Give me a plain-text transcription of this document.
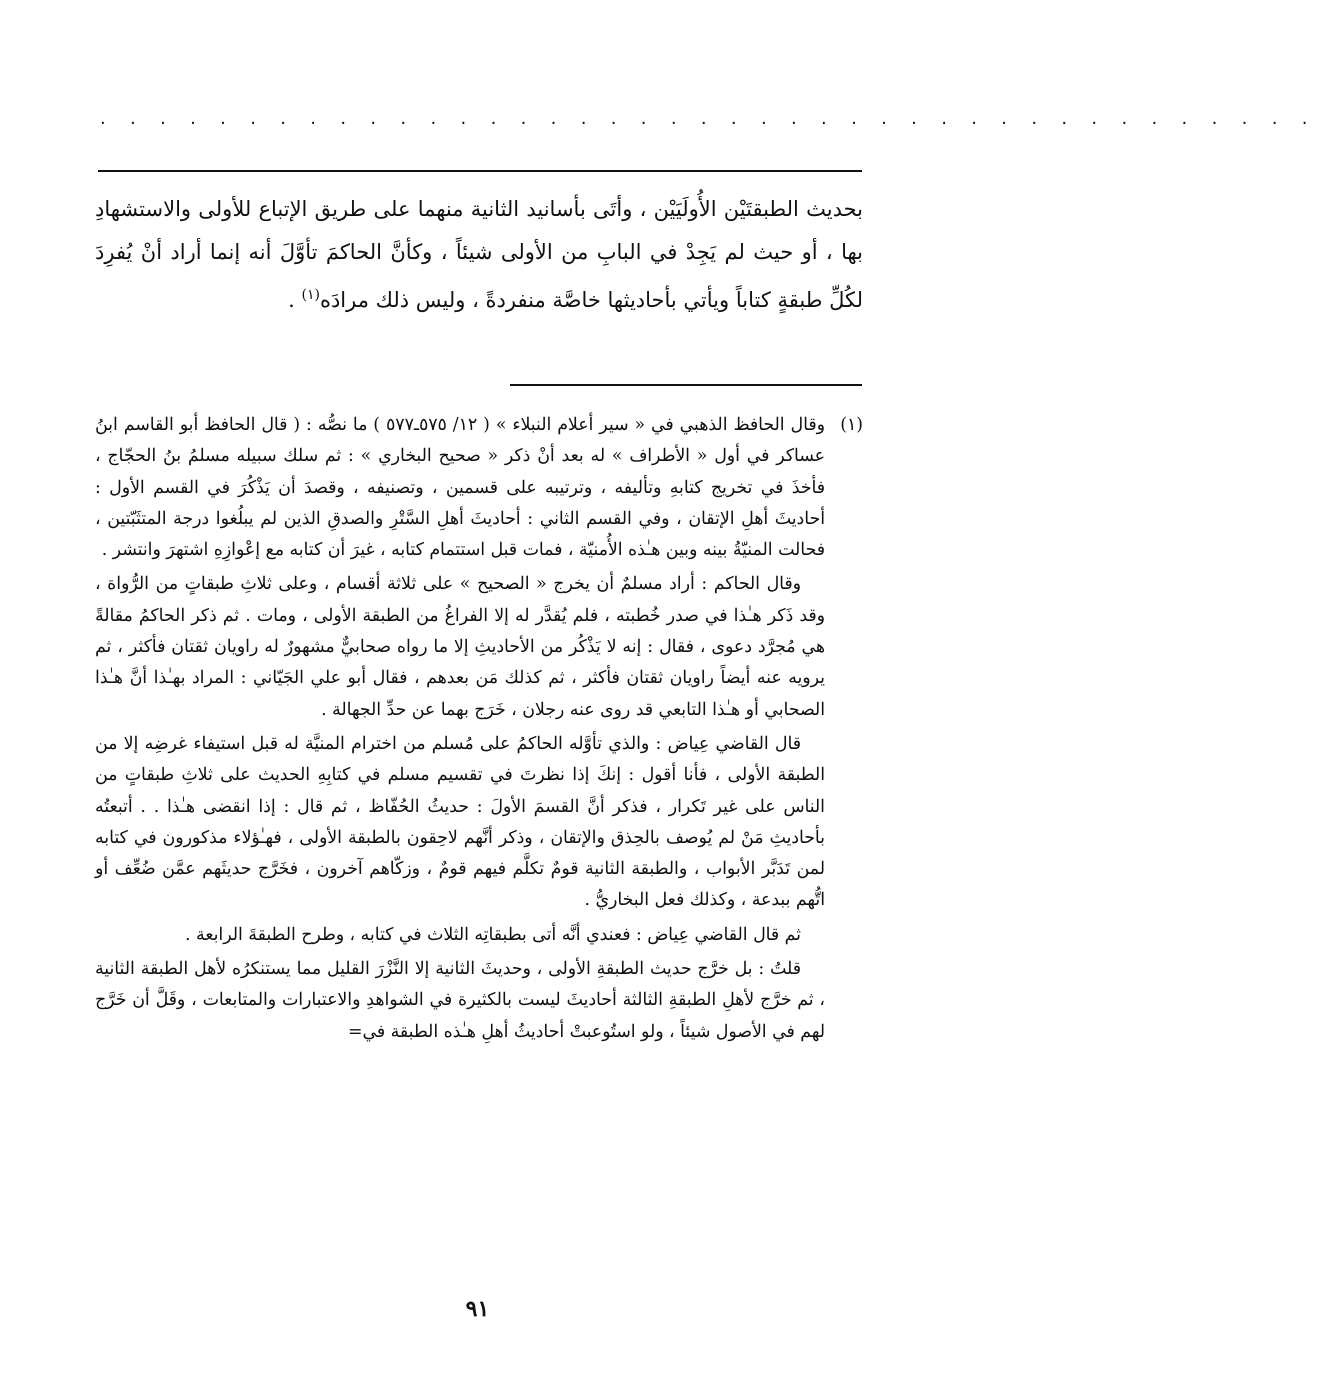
. . . . . . . . . . . . . . . . . . . . . . . . . . . . . . . . . . . . . . . . .

بحديث الطبقتَيْن الأُولَيَيْن ، وأتَى بأسانيد الثانية منهما على طريق الإتباع للأولى والاستشهادِ بها ، أو حيث لم يَجِدْ في البابِ من الأولى شيئاً ، وكأنَّ الحاكمَ تأوَّلَ أنه إنما أراد أنْ يُفرِدَ لكُلِّ طبقةٍ كتاباً ويأتي بأحاديثها خاصَّة منفردةً ، وليس ذلك مرادَه$^{(١)}$ .

(١)
وقال الحافظ الذهبي في « سير أعلام النبلاء » ( ١٢/ ٥٧٥ـ٥٧٧ ) ما نصُّه : ( قال الحافظ أبو القاسم ابنُ عساكر في أول « الأطراف » له بعد أنْ ذكر « صحيح البخاري » : ثم سلك سبيله مسلمُ بنُ الحجّاج ، فأخذَ في تخريج كتابهِ وتأليفه ، وترتيبه على قسمين ، وتصنيفه ، وقصدَ أن يَذْكُرَ في القسم الأول : أحاديثَ أهلِ الإتقان ، وفي القسم الثاني : أحاديثَ أهلِ السَّتْرِ والصدقِ الذين لم يبلُغوا درجة المتثَبّتين ، فحالت المنيّةُ بينه وبين هـٰذه الأُمنيّة ، فمات قبل استتمام كتابه ، غيرَ أن كتابه مع إعْوازِهِ اشتهرَ وانتشر .

وقال الحاكم : أراد مسلمٌ أن يخرج « الصحيح » على ثلاثة أقسام ، وعلى ثلاثِ طبقاتٍ من الرُّواة ، وقد ذَكر هـٰذا في صدر خُطبته ، فلم يُقدَّر له إلا الفراغُ من الطبقة الأولى ، ومات . ثم ذكر الحاكمُ مقالةً هي مُجرَّد دعوى ، فقال : إنه لا يَذْكُر من الأحاديثِ إلا ما رواه صحابيٌّ مشهورٌ له راويان ثقتان فأكثر ، ثم يرويه عنه أيضاً راويان ثقتان فأكثر ، ثم كذلك مَن بعدهم ، فقال أبو علي الجَيّاني : المراد بهـٰذا أنَّ هـٰذا الصحابي أو هـٰذا التابعي قد روى عنه رجلان ، خَرَج بهما عن حدِّ الجهالة .

قال القاضي عِياض : والذي تأوَّله الحاكمُ على مُسلم من اخترام المنيَّة له قبل استيفاء غرضِه إلا من الطبقة الأولى ، فأنا أقول : إنكَ إذا نظرتَ في تقسيم مسلم في كتابِهِ الحديث على ثلاثِ طبقاتٍ من الناس على غير تَكرار ، فذكر أنَّ القسمَ الأولَ : حديثُ الحُفّاظ ، ثم قال : إذا انقضى هـٰذا . . أتبعتُه بأحاديثِ مَنْ لم يُوصف بالحِذق والإتقان ، وذكر أنَّهم لاحِقون بالطبقة الأولى ، فهـٰؤلاء مذكورون في كتابه لمن تَدَبَّر الأبواب ، والطبقة الثانية قومٌ تكلَّم فيهم قومٌ ، وزكّاهم آخرون ، فخَرَّج حديثَهم عمَّن ضُعِّف أو اتُّهم ببدعة ، وكذلك فعل البخاريُّ .

ثم قال القاضي عِياض : فعندي أنَّه أتى بطبقاتِه الثلاث في كتابه ، وطرح الطبقةَ الرابعة .

قلتُ : بل خرَّج حديث الطبقةِ الأولى ، وحديثَ الثانية إلا النَّزْرَ القليل مما يستنكرُه لأهل الطبقة الثانية ، ثم خرَّج لأهلِ الطبقةِ الثالثة أحاديثَ ليست بالكثيرة في الشواهدِ والاعتبارات والمتابعات ، وقَلَّ أن خَرَّج لهم في الأصول شيئاً ، ولو استُوعبتْ أحاديثُ أهلِ هـٰذه الطبقة في=

٩١
